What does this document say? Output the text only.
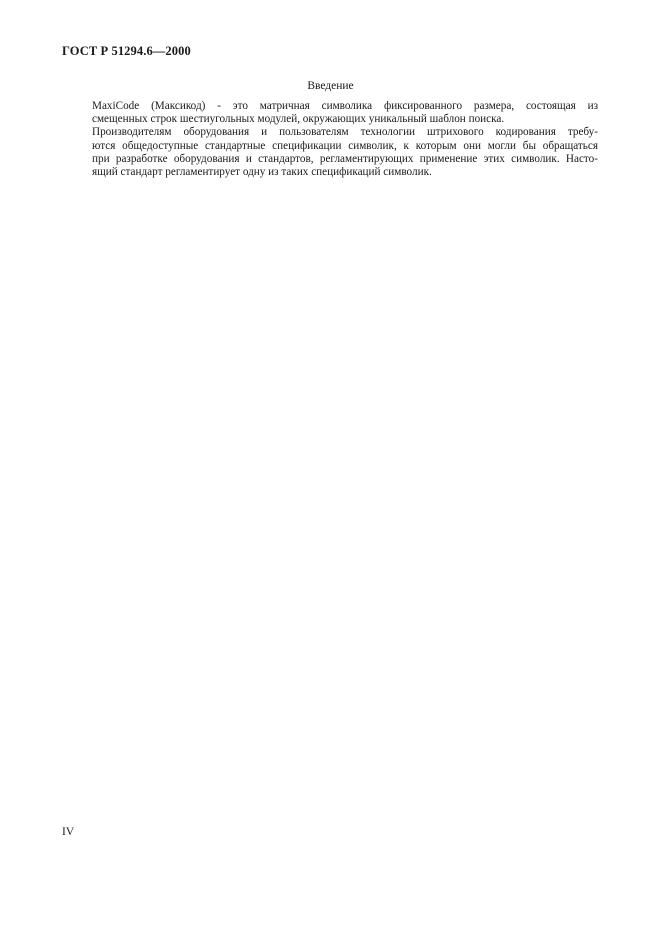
ГОСТ Р 51294.6—2000
Введение
MaxiCode (Максикод) - это матричная символика фиксированного размера, состоящая из
смещенных строк шестиугольных модулей, окружающих уникальный шаблон поиска.
Производителям оборудования и пользователям технологии штрихового кодирования требу-
ются общедоступные стандартные спецификации символик, к которым они могли бы обращаться
при разработке оборудования и стандартов, регламентирующих применение этих символик. Насто-
ящий стандарт регламентирует одну из таких спецификаций символик.
IV
